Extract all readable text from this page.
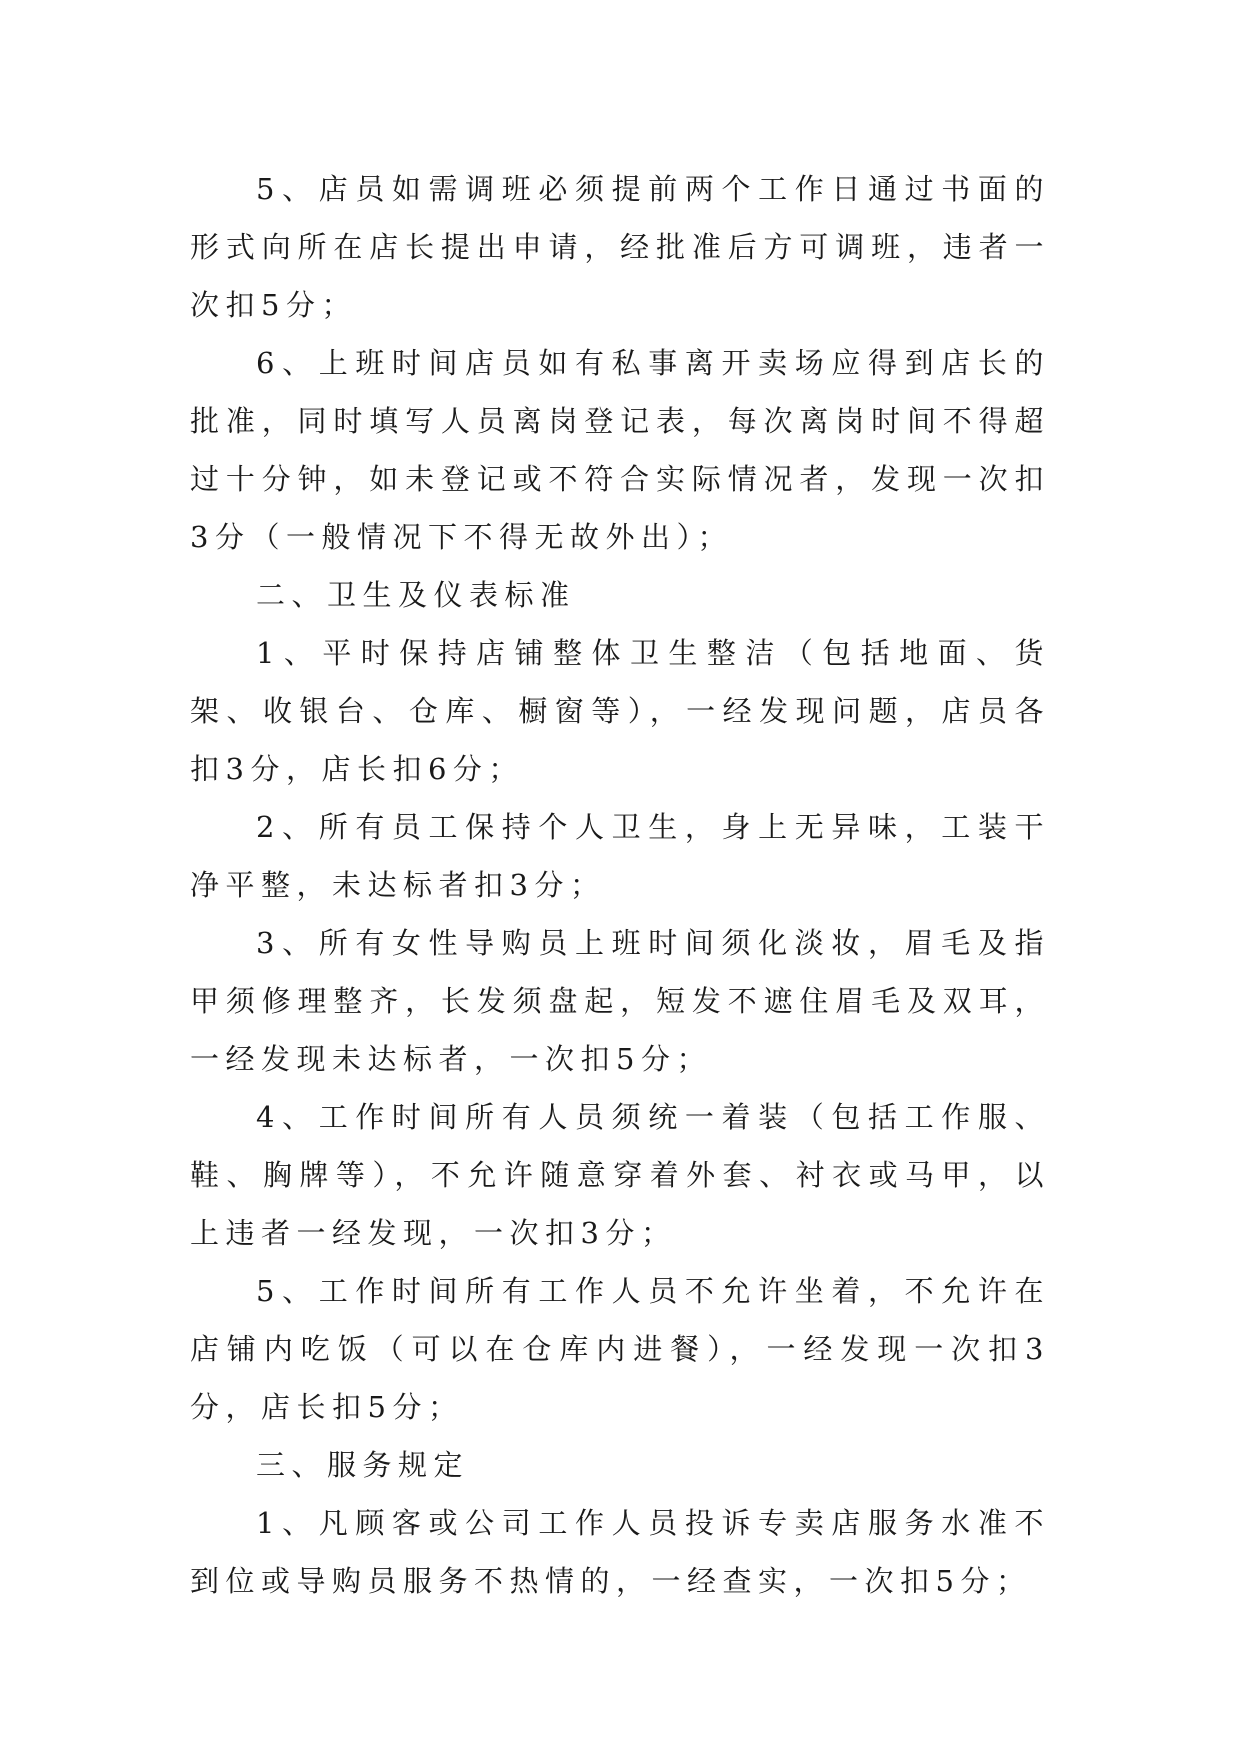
5、店员如需调班必须提前两个工作日通过书面的形式向所在店长提出申请，经批准后方可调班，违者一次扣5分；

6、上班时间店员如有私事离开卖场应得到店长的批准，同时填写人员离岗登记表，每次离岗时间不得超过十分钟，如未登记或不符合实际情况者，发现一次扣3分（一般情况下不得无故外出）；

二、卫生及仪表标准

1、平时保持店铺整体卫生整洁（包括地面、货架、收银台、仓库、橱窗等），一经发现问题，店员各扣3分，店长扣6分；

2、所有员工保持个人卫生，身上无异味，工装干净平整，未达标者扣3分；

3、所有女性导购员上班时间须化淡妆，眉毛及指甲须修理整齐，长发须盘起，短发不遮住眉毛及双耳，一经发现未达标者，一次扣5分；

4、工作时间所有人员须统一着装（包括工作服、鞋、胸牌等），不允许随意穿着外套、衬衣或马甲，以上违者一经发现，一次扣3分；

5、工作时间所有工作人员不允许坐着，不允许在店铺内吃饭（可以在仓库内进餐），一经发现一次扣3分，店长扣5分；

三、服务规定

1、凡顾客或公司工作人员投诉专卖店服务水准不到位或导购员服务不热情的，一经查实，一次扣5分；
